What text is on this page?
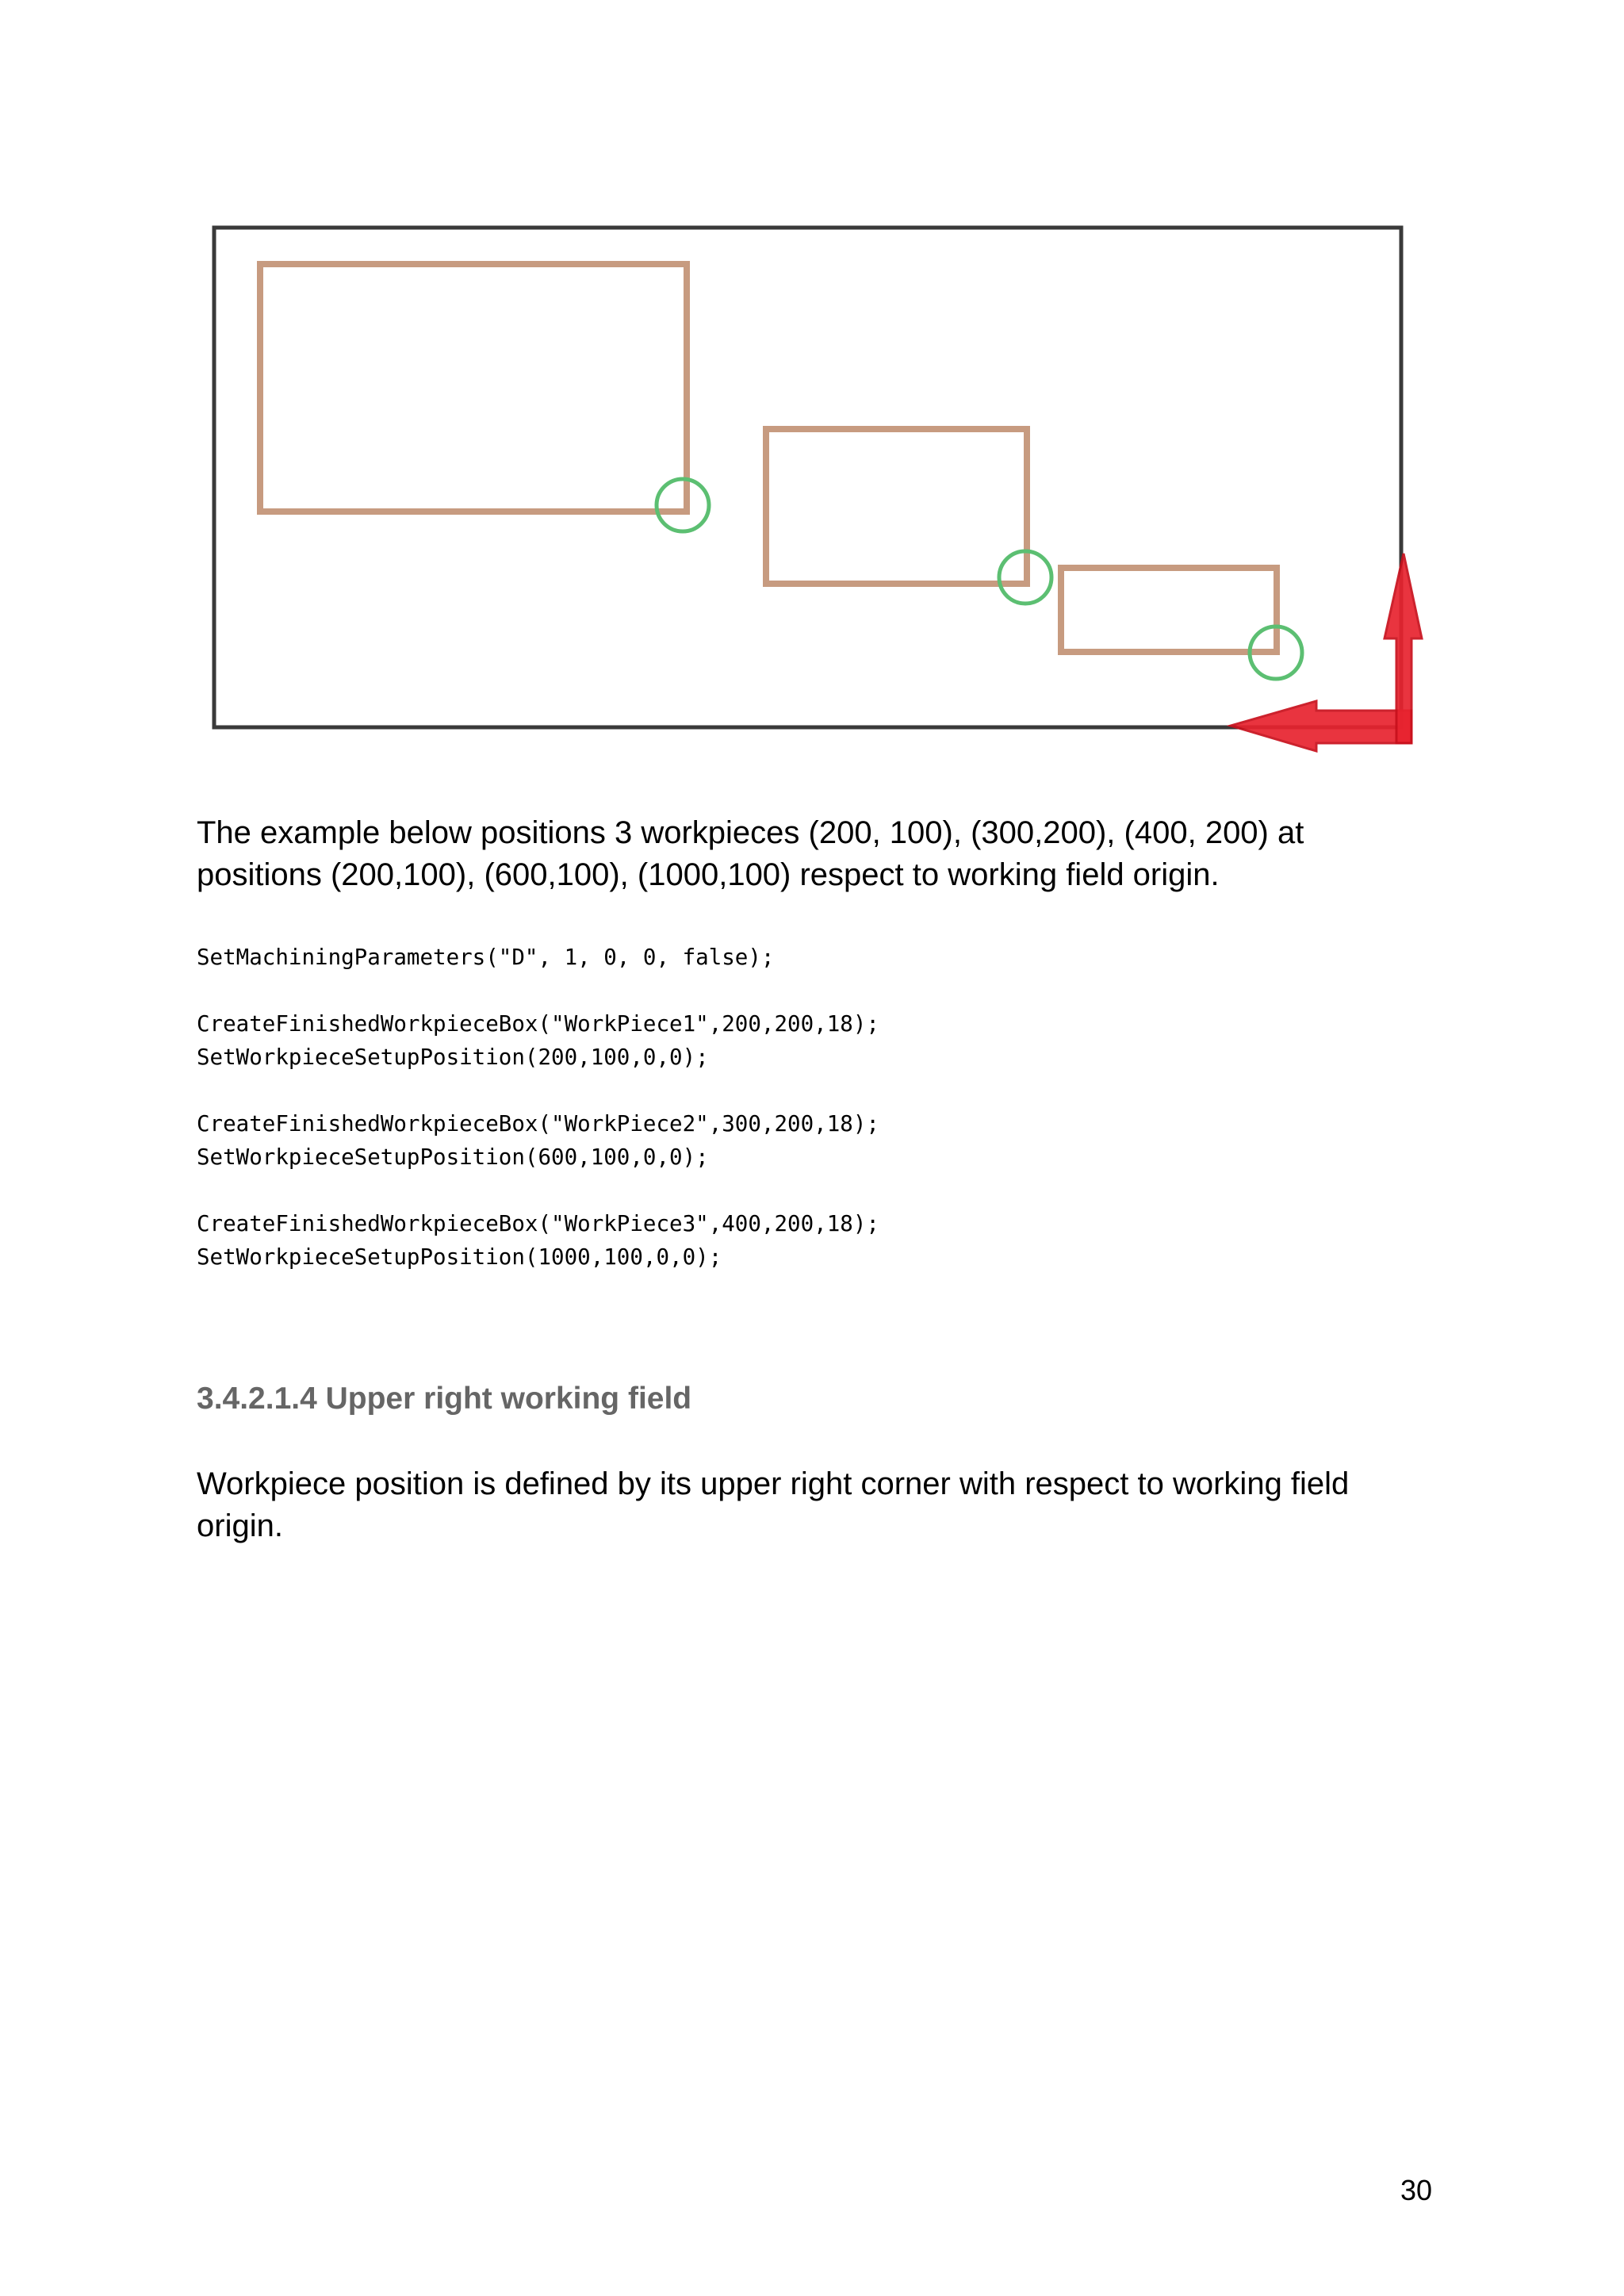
The example below positions 3 workpieces (200, 100), (300,200), (400, 200) at positions (200,100), (600,100), (1000,100) respect to working field origin.
SetMachiningParameters("D", 1, 0, 0, false);
CreateFinishedWorkpieceBox("WorkPiece1",200,200,18);
SetWorkpieceSetupPosition(200,100,0,0);
CreateFinishedWorkpieceBox("WorkPiece2",300,200,18);
SetWorkpieceSetupPosition(600,100,0,0);
CreateFinishedWorkpieceBox("WorkPiece3",400,200,18);
SetWorkpieceSetupPosition(1000,100,0,0);
3.4.2.1.4 Upper right working field
Workpiece position is defined by its upper right corner with respect to working field origin.
30
